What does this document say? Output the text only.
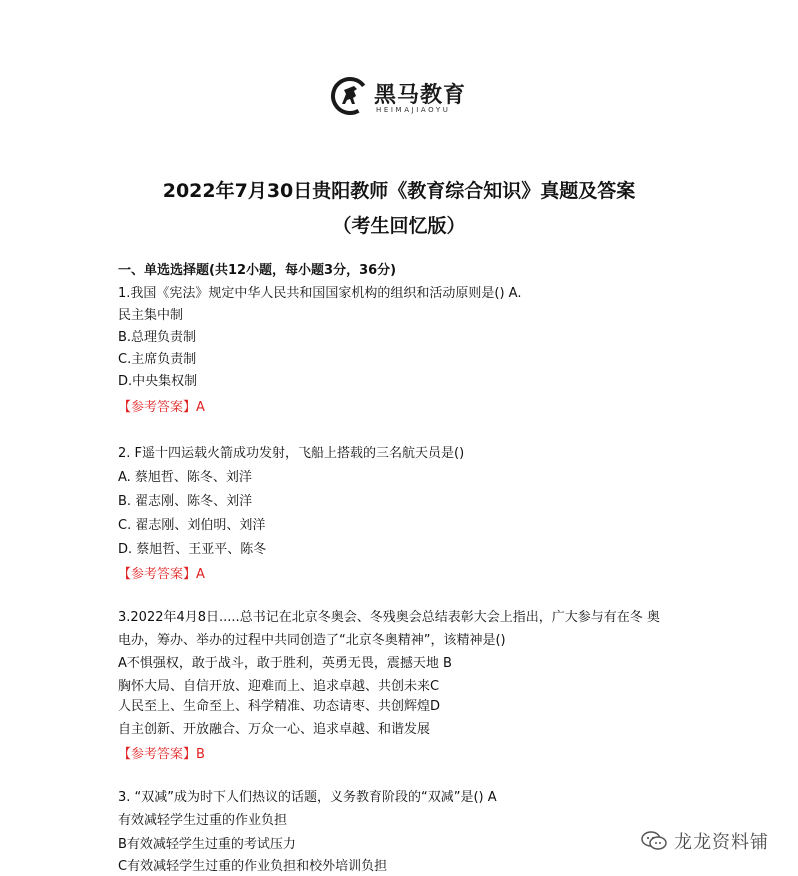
黑马教育
HEIMAJIAOYU
2022年7月30日贵阳教师《教育综合知识》真题及答案
（考生回忆版）
一、单选选择题(共12小题，每小题3分，36分)
1.我国《宪法》规定中华人民共和国国家机构的组织和活动原则是() A.
民主集中制
B.总理负责制
C.主席负责制
D.中央集权制
【参考答案】A
2. F遥十四运载火箭成功发射，飞船上搭载的三名航天员是()
A. 蔡旭哲、陈冬、刘洋
B. 翟志刚、陈冬、刘洋
C. 翟志刚、刘伯明、刘洋
D. 蔡旭哲、王亚平、陈冬
【参考答案】A
3.2022年4月8日.....总书记在北京冬奥会、冬残奥会总结表彰大会上指出，广大参与有在冬 奥
电办，筹办、举办的过程中共同创造了“北京冬奥精神”，该精神是()
A不惧强权，敢于战斗，敢于胜利，英勇无畏，震撼天地 B
胸怀大局、自信开放、迎难而上、追求卓越、共创未来C
人民至上、生命至上、科学精准、功态请枣、共创辉煌D
自主创新、开放融合、万众一心、追求卓越、和谐发展
【参考答案】B
3. “双减”成为时下人们热议的话题，义务教育阶段的“双减”是() A
有效减轻学生过重的作业负担
B有效减轻学生过重的考试压力
C有效减轻学生过重的作业负担和校外培训负担
龙龙资料铺
